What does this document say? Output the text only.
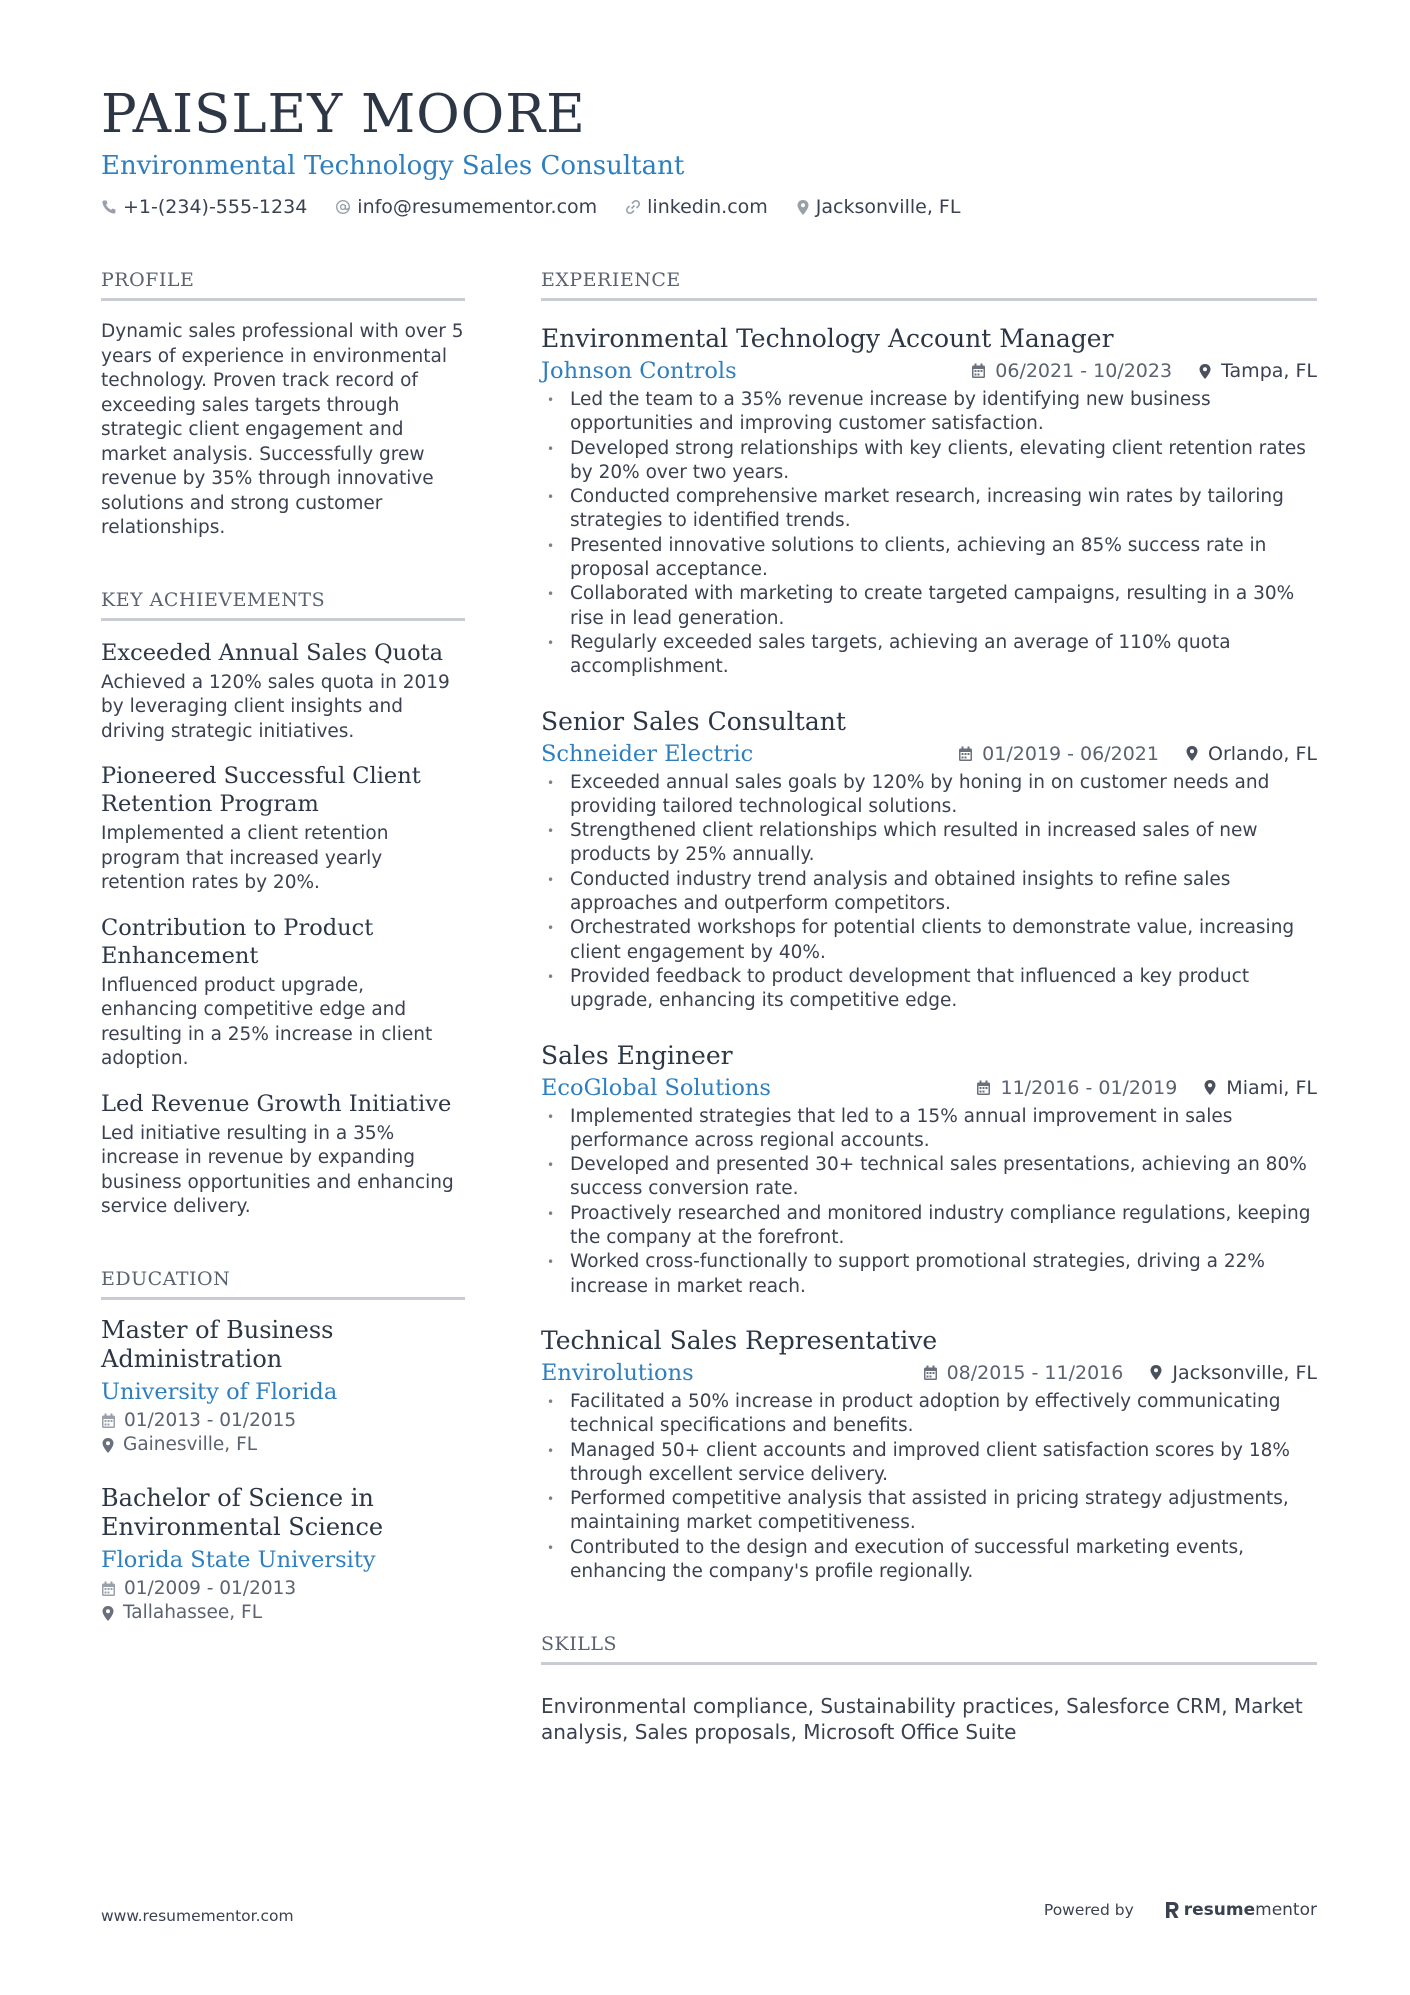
PAISLEY MOORE
Environmental Technology Sales Consultant
+1-(234)-555-1234	info@resumementor.com	linkedin.com	Jacksonville, FL
PROFILE

Dynamic sales professional with over 5 years of experience in environmental technology. Proven track record of exceeding sales targets through strategic client engagement and market analysis. Successfully grew revenue by 35% through innovative solutions and strong customer relationships.

KEY ACHIEVEMENTS
Exceeded Annual Sales Quota

Achieved a 120% sales quota in 2019 by leveraging client insights and driving strategic initiatives.

Pioneered Successful Client Retention Program

Implemented a client retention program that increased yearly retention rates by 20%.

Contribution to Product Enhancement

Influenced product upgrade, enhancing competitive edge and resulting in a 25% increase in client adoption.

Led Revenue Growth Initiative

Led initiative resulting in a 35% increase in revenue by expanding business opportunities and enhancing service delivery.

EDUCATION
Master of Business Administration
University of Florida
01/2013 - 01/2015
Gainesville, FL
Bachelor of Science in Environmental Science
Florida State University
01/2009 - 01/2013
Tallahassee, FL
EXPERIENCE
Environmental Technology Account Manager
Johnson Controls	06/2021 - 10/2023	Tampa, FL
• Led the team to a 35% revenue increase by identifying new business opportunities and improving customer satisfaction.
• Developed strong relationships with key clients, elevating client retention rates by 20% over two years.
• Conducted comprehensive market research, increasing win rates by tailoring strategies to identified trends.
• Presented innovative solutions to clients, achieving an 85% success rate in proposal acceptance.
• Collaborated with marketing to create targeted campaigns, resulting in a 30% rise in lead generation.
• Regularly exceeded sales targets, achieving an average of 110% quota accomplishment.
Senior Sales Consultant
Schneider Electric	01/2019 - 06/2021	Orlando, FL
• Exceeded annual sales goals by 120% by honing in on customer needs and providing tailored technological solutions.
• Strengthened client relationships which resulted in increased sales of new products by 25% annually.
• Conducted industry trend analysis and obtained insights to refine sales approaches and outperform competitors.
• Orchestrated workshops for potential clients to demonstrate value, increasing client engagement by 40%.
• Provided feedback to product development that influenced a key product upgrade, enhancing its competitive edge.
Sales Engineer
EcoGlobal Solutions	11/2016 - 01/2019	Miami, FL
• Implemented strategies that led to a 15% annual improvement in sales performance across regional accounts.
• Developed and presented 30+ technical sales presentations, achieving an 80% success conversion rate.
• Proactively researched and monitored industry compliance regulations, keeping the company at the forefront.
• Worked cross-functionally to support promotional strategies, driving a 22% increase in market reach.
Technical Sales Representative
Envirolutions	08/2015 - 11/2016	Jacksonville, FL
• Facilitated a 50% increase in product adoption by effectively communicating technical specifications and benefits.
• Managed 50+ client accounts and improved client satisfaction scores by 18% through excellent service delivery.
• Performed competitive analysis that assisted in pricing strategy adjustments, maintaining market competitiveness.
• Contributed to the design and execution of successful marketing events, enhancing the company's profile regionally.
SKILLS

Environmental compliance, Sustainability practices, Salesforce CRM, Market analysis, Sales proposals, Microsoft Office Suite

www.resumementor.com	Powered by	resume mentor
